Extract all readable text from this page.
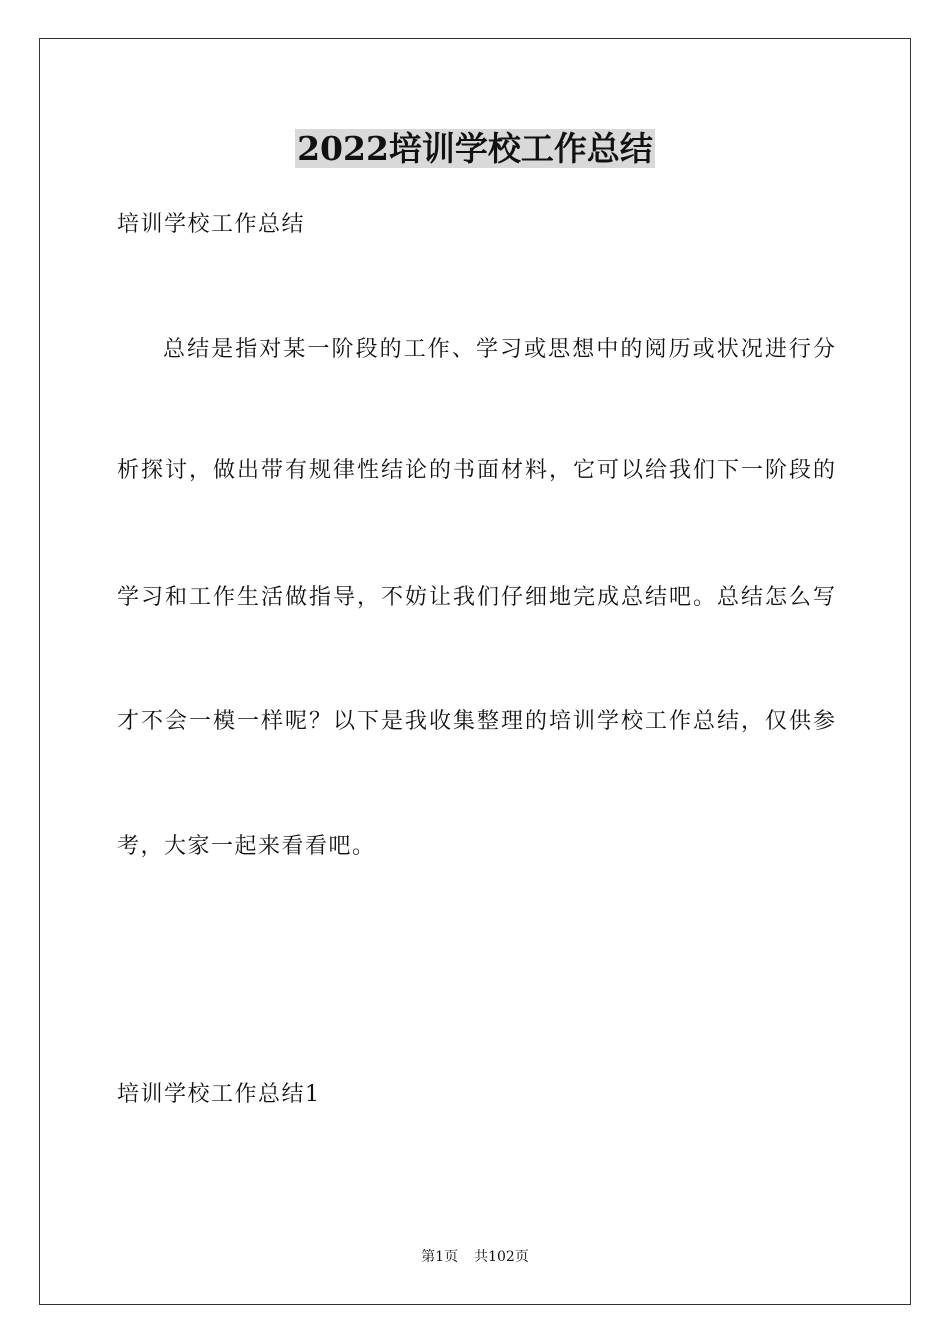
2022培训学校工作总结
培训学校工作总结
总结是指对某一阶段的工作、学习或思想中的阅历或状况进行分
析探讨，做出带有规律性结论的书面材料，它可以给我们下一阶段的
学习和工作生活做指导，不妨让我们仔细地完成总结吧。总结怎么写
才不会一模一样呢？以下是我收集整理的培训学校工作总结，仅供参
考，大家一起来看看吧。
培训学校工作总结1
第1页 共102页
